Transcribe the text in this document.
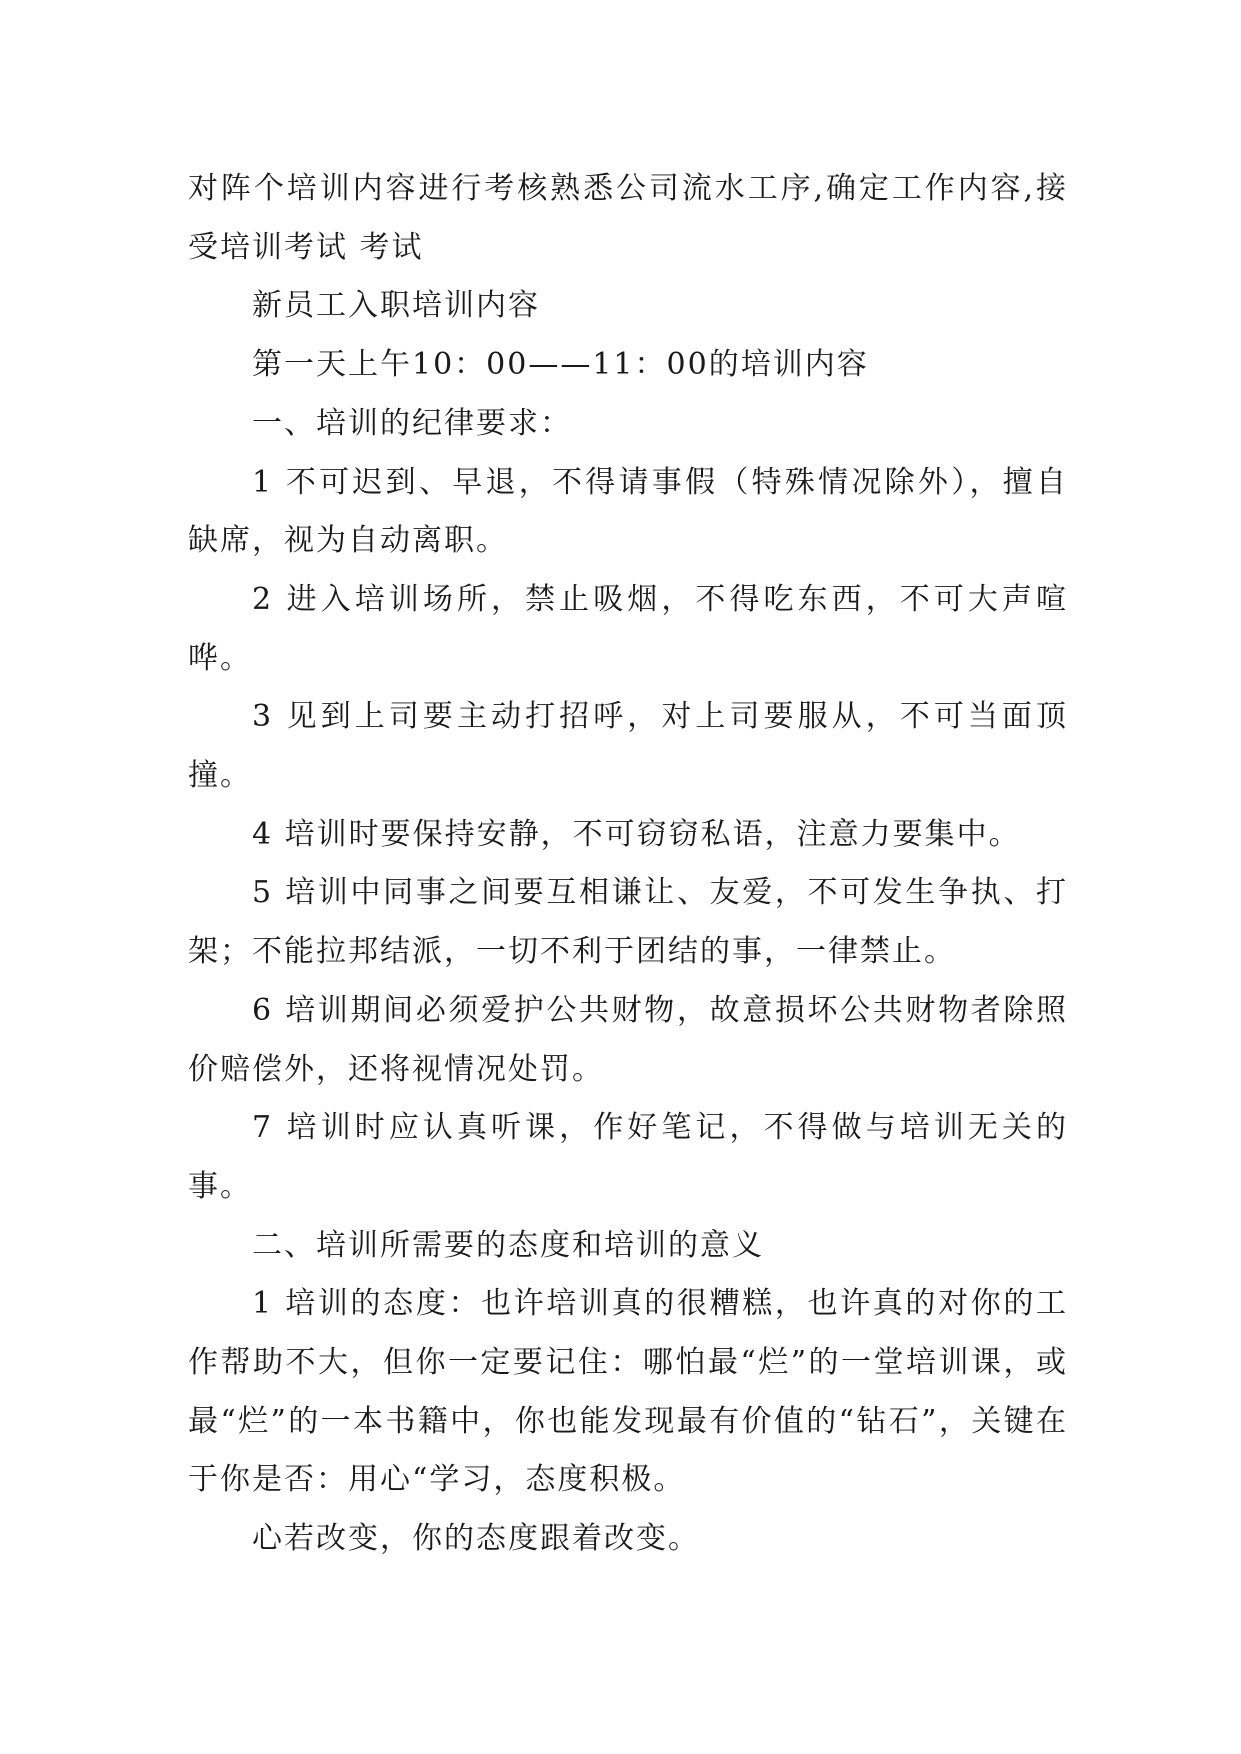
对阵个培训内容进行考核熟悉公司流水工序,确定工作内容,接受培训考试 考试

新员工入职培训内容

第一天上午10：00——11：00的培训内容

一、培训的纪律要求：

1 不可迟到、早退，不得请事假（特殊情况除外），擅自缺席，视为自动离职。

2 进入培训场所，禁止吸烟，不得吃东西，不可大声喧哗。

3 见到上司要主动打招呼，对上司要服从，不可当面顶撞。

4 培训时要保持安静，不可窃窃私语，注意力要集中。

5 培训中同事之间要互相谦让、友爱，不可发生争执、打架；不能拉邦结派，一切不利于团结的事，一律禁止。

6 培训期间必须爱护公共财物，故意损坏公共财物者除照价赔偿外，还将视情况处罚。

7 培训时应认真听课，作好笔记，不得做与培训无关的事。

二、培训所需要的态度和培训的意义

1 培训的态度：也许培训真的很糟糕，也许真的对你的工作帮助不大，但你一定要记住：哪怕最“烂”的一堂培训课，或最“烂”的一本书籍中，你也能发现最有价值的“钻石”，关键在于你是否：用心“学习，态度积极。

心若改变，你的态度跟着改变。
